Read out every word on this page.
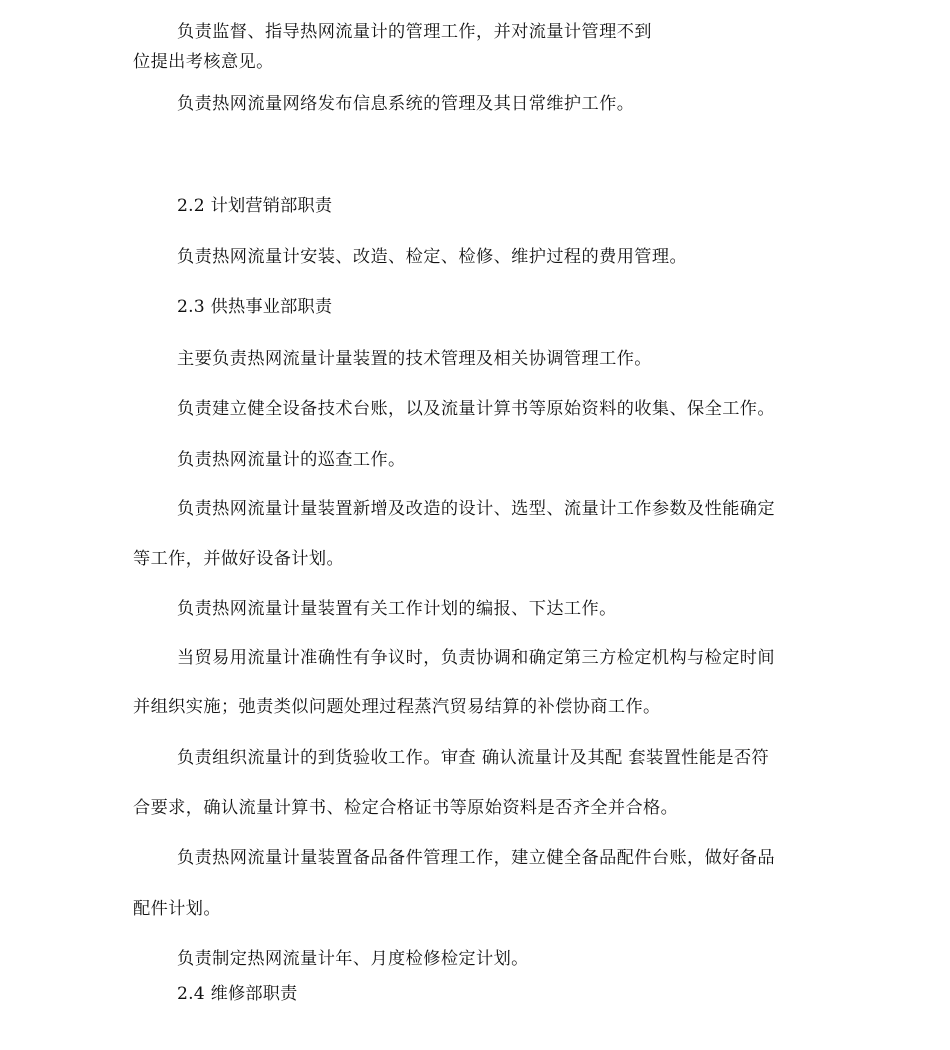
负责监督、指导热网流量计的管理工作，并对流量计管理不到
位提出考核意见。
负责热网流量网络发布信息系统的管理及其日常维护工作。
2.2 计划营销部职责
负责热网流量计安装、改造、检定、检修、维护过程的费用管理。
2.3 供热事业部职责
主要负责热网流量计量装置的技术管理及相关协调管理工作。
负责建立健全设备技术台账，以及流量计算书等原始资料的收集、保全工作。
负责热网流量计的巡查工作。
负责热网流量计量装置新增及改造的设计、选型、流量计工作参数及性能确定
等工作，并做好设备计划。
负责热网流量计量装置有关工作计划的编报、下达工作。
当贸易用流量计准确性有争议时，负责协调和确定第三方检定机构与检定时间
并组织实施；弛责类似问题处理过程蒸汽贸易结算的补偿协商工作。
负责组织流量计的到货验收工作。审查 确认流量计及其配 套装置性能是否符
合要求，确认流量计算书、检定合格证书等原始资料是否齐全并合格。
负责热网流量计量装置备品备件管理工作，建立健全备品配件台账，做好备品
配件计划。
负责制定热网流量计年、月度检修检定计划。
2.4 维修部职责
